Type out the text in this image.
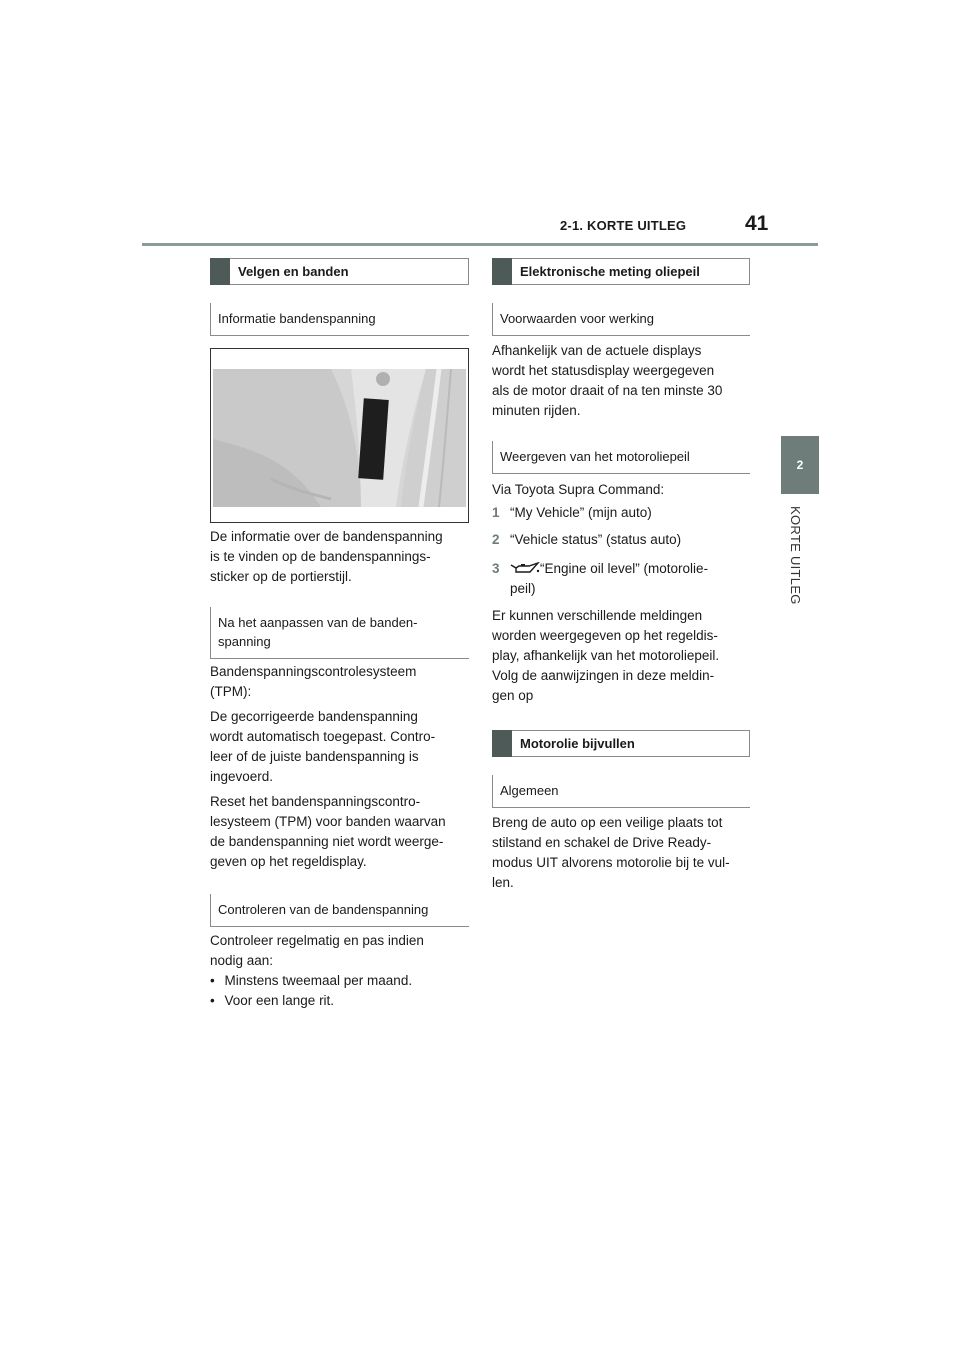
2-1. KORTE UITLEG	41
2
KORTE UITLEG
Velgen en banden
Informatie bandenspanning

De informatie over de bandenspanning

is te vinden op de bandenspannings-

sticker op de portierstijl.

Na het aanpassen van de banden-
spanning

Bandenspanningscontrolesysteem

(TPM):

De gecorrigeerde bandenspanning

wordt automatisch toegepast. Contro-

leer of de juiste bandenspanning is

ingevoerd.

Reset het bandenspanningscontro-

lesysteem (TPM) voor banden waarvan

de bandenspanning niet wordt weerge-

geven op het regeldisplay.

Controleren van de bandenspanning

Controleer regelmatig en pas indien

nodig aan:

• Minstens tweemaal per maand.

• Voor een lange rit.

Elektronische meting oliepeil
Voorwaarden voor werking

Afhankelijk van de actuele displays

wordt het statusdisplay weergegeven

als de motor draait of na ten minste 30

minuten rijden.

Weergeven van het motoroliepeil

Via Toyota Supra Command:

1 “My Vehicle” (mijn auto)

2 “Vehicle status” (status auto)

3	“Engine oil level” (motorolie-

peil)

Er kunnen verschillende meldingen

worden weergegeven op het regeldis-

play, afhankelijk van het motoroliepeil.

Volg de aanwijzingen in deze meldin-

gen op

Motorolie bijvullen
Algemeen

Breng de auto op een veilige plaats tot

stilstand en schakel de Drive Ready-

modus UIT alvorens motorolie bij te vul-

len.
